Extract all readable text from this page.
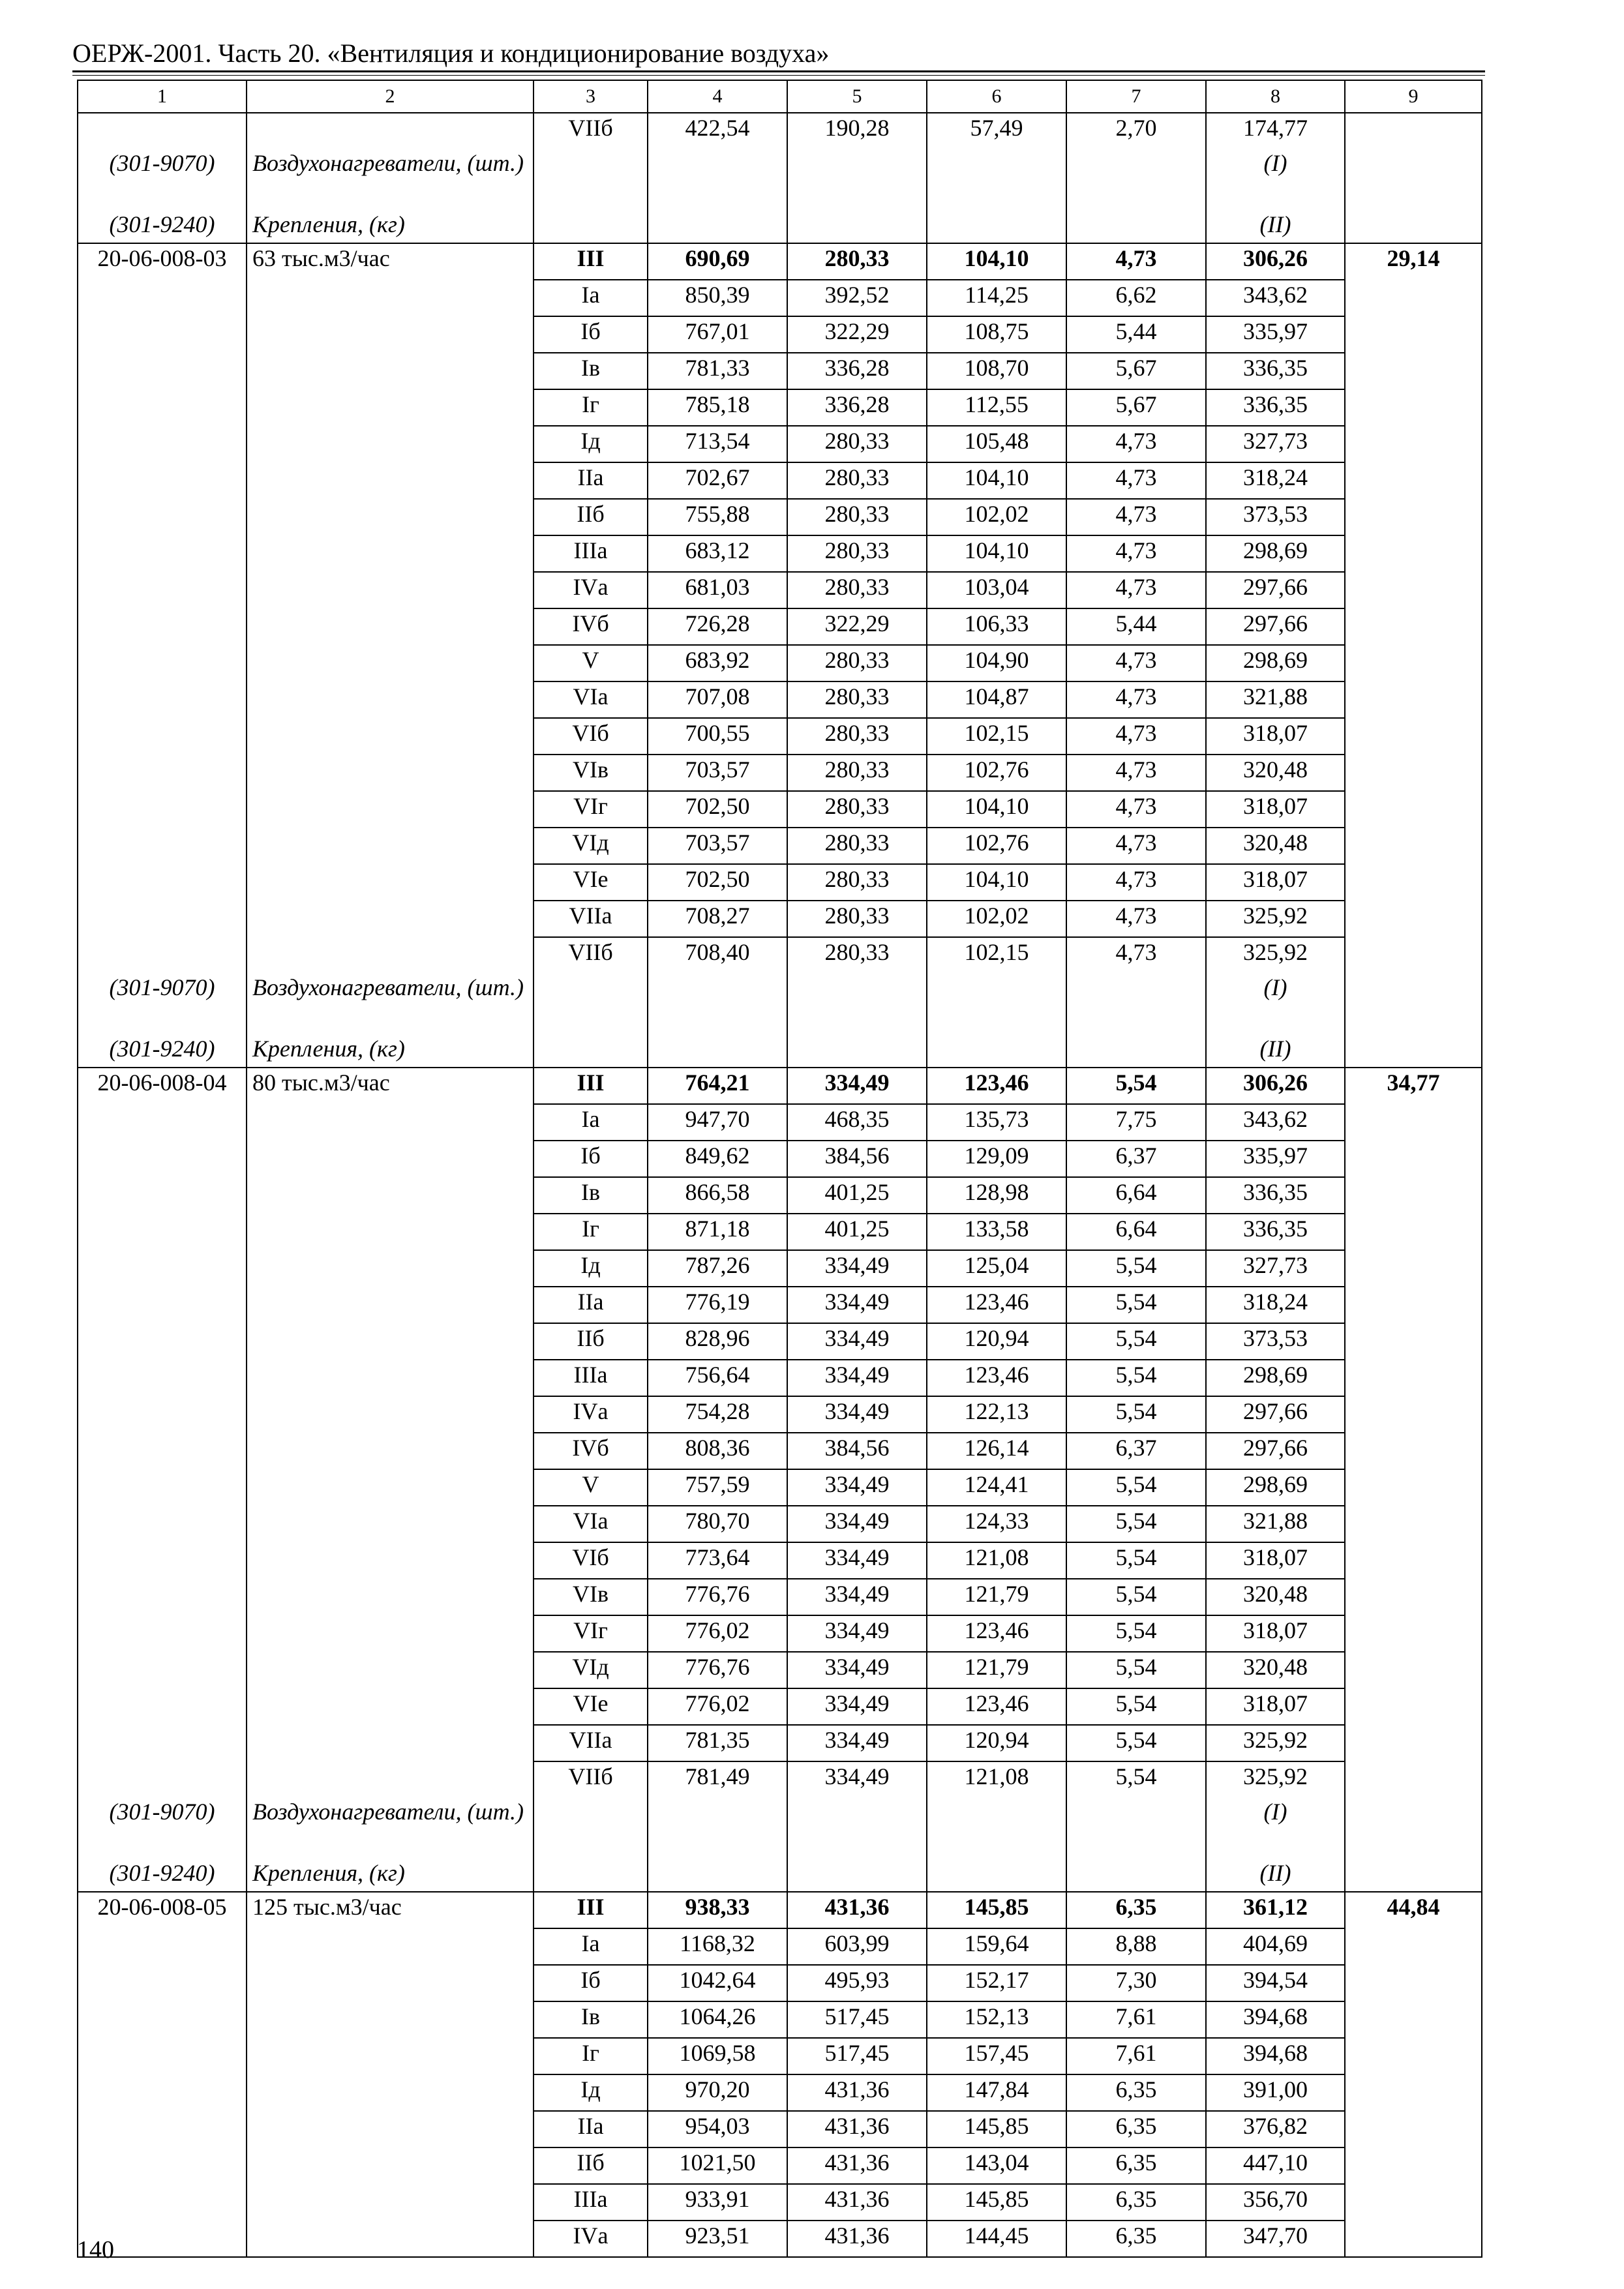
ОЕРЖ-2001. Часть 20. «Вентиляция и кондиционирование воздуха»
1	2	3	4	5	6	7	8	9
		VIIб	422,54	190,28	57,49	2,70	174,77	
(301-9070)	Воздухонагреватели, (шт.)						(I)	
(301-9240)	Крепления, (кг)						(II)	
20-06-008-03	63 тыс.м3/час	III	690,69	280,33	104,10	4,73	306,26	29,14
		Iа	850,39	392,52	114,25	6,62	343,62	
		Iб	767,01	322,29	108,75	5,44	335,97	
		Iв	781,33	336,28	108,70	5,67	336,35	
		Iг	785,18	336,28	112,55	5,67	336,35	
		Iд	713,54	280,33	105,48	4,73	327,73	
		IIа	702,67	280,33	104,10	4,73	318,24	
		IIб	755,88	280,33	102,02	4,73	373,53	
		IIIа	683,12	280,33	104,10	4,73	298,69	
		IVа	681,03	280,33	103,04	4,73	297,66	
		IVб	726,28	322,29	106,33	5,44	297,66	
		V	683,92	280,33	104,90	4,73	298,69	
		VIа	707,08	280,33	104,87	4,73	321,88	
		VIб	700,55	280,33	102,15	4,73	318,07	
		VIв	703,57	280,33	102,76	4,73	320,48	
		VIг	702,50	280,33	104,10	4,73	318,07	
		VIд	703,57	280,33	102,76	4,73	320,48	
		VIе	702,50	280,33	104,10	4,73	318,07	
		VIIа	708,27	280,33	102,02	4,73	325,92	
		VIIб	708,40	280,33	102,15	4,73	325,92	
(301-9070)	Воздухонагреватели, (шт.)						(I)	
(301-9240)	Крепления, (кг)						(II)	
20-06-008-04	80 тыс.м3/час	III	764,21	334,49	123,46	5,54	306,26	34,77
		Iа	947,70	468,35	135,73	7,75	343,62	
		Iб	849,62	384,56	129,09	6,37	335,97	
		Iв	866,58	401,25	128,98	6,64	336,35	
		Iг	871,18	401,25	133,58	6,64	336,35	
		Iд	787,26	334,49	125,04	5,54	327,73	
		IIа	776,19	334,49	123,46	5,54	318,24	
		IIб	828,96	334,49	120,94	5,54	373,53	
		IIIа	756,64	334,49	123,46	5,54	298,69	
		IVа	754,28	334,49	122,13	5,54	297,66	
		IVб	808,36	384,56	126,14	6,37	297,66	
		V	757,59	334,49	124,41	5,54	298,69	
		VIа	780,70	334,49	124,33	5,54	321,88	
		VIб	773,64	334,49	121,08	5,54	318,07	
		VIв	776,76	334,49	121,79	5,54	320,48	
		VIг	776,02	334,49	123,46	5,54	318,07	
		VIд	776,76	334,49	121,79	5,54	320,48	
		VIе	776,02	334,49	123,46	5,54	318,07	
		VIIа	781,35	334,49	120,94	5,54	325,92	
		VIIб	781,49	334,49	121,08	5,54	325,92	
(301-9070)	Воздухонагреватели, (шт.)						(I)	
(301-9240)	Крепления, (кг)						(II)	
20-06-008-05	125 тыс.м3/час	III	938,33	431,36	145,85	6,35	361,12	44,84
		Iа	1168,32	603,99	159,64	8,88	404,69	
		Iб	1042,64	495,93	152,17	7,30	394,54	
		Iв	1064,26	517,45	152,13	7,61	394,68	
		Iг	1069,58	517,45	157,45	7,61	394,68	
		Iд	970,20	431,36	147,84	6,35	391,00	
		IIа	954,03	431,36	145,85	6,35	376,82	
		IIб	1021,50	431,36	143,04	6,35	447,10	
		IIIа	933,91	431,36	145,85	6,35	356,70	
		IVа	923,51	431,36	144,45	6,35	347,70	
140
